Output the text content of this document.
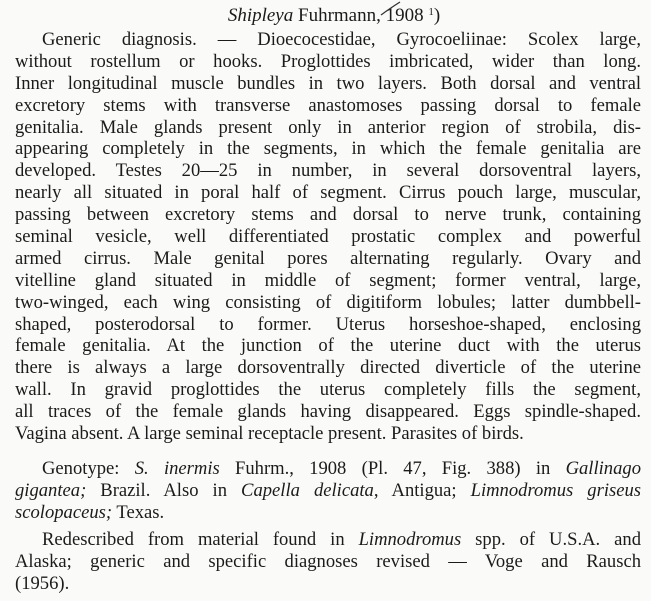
Shipleya Fuhrmann, 1908 $^1$)
Generic diagnosis. — Dioecocestidae, Gyrocoeliinae: Scolex large,
without rostellum or hooks. Proglottides imbricated, wider than long.
Inner longitudinal muscle bundles in two layers. Both dorsal and ventral
excretory stems with transverse anastomoses passing dorsal to female
genitalia. Male glands present only in anterior region of strobila, dis-
appearing completely in the segments, in which the female genitalia are
developed. Testes 20—25 in number, in several dorsoventral layers,
nearly all situated in poral half of segment. Cirrus pouch large, muscular,
passing between excretory stems and dorsal to nerve trunk, containing
seminal vesicle, well differentiated prostatic complex and powerful
armed cirrus. Male genital pores alternating regularly. Ovary and
vitelline gland situated in middle of segment; former ventral, large,
two-winged, each wing consisting of digitiform lobules; latter dumbbell-
shaped, posterodorsal to former. Uterus horseshoe-shaped, enclosing
female genitalia. At the junction of the uterine duct with the uterus
there is always a large dorsoventrally directed diverticle of the uterine
wall. In gravid proglottides the uterus completely fills the segment,
all traces of the female glands having disappeared. Eggs spindle-shaped.
Vagina absent. A large seminal receptacle present. Parasites of birds.
Genotype: S. inermis Fuhrm., 1908 (Pl. 47, Fig. 388) in Gallinago
gigantea; Brazil. Also in Capella delicata, Antigua; Limnodromus griseus
scolopaceus; Texas.
Redescribed from material found in Limnodromus spp. of U.S.A. and
Alaska; generic and specific diagnoses revised — Voge and Rausch
(1956).
